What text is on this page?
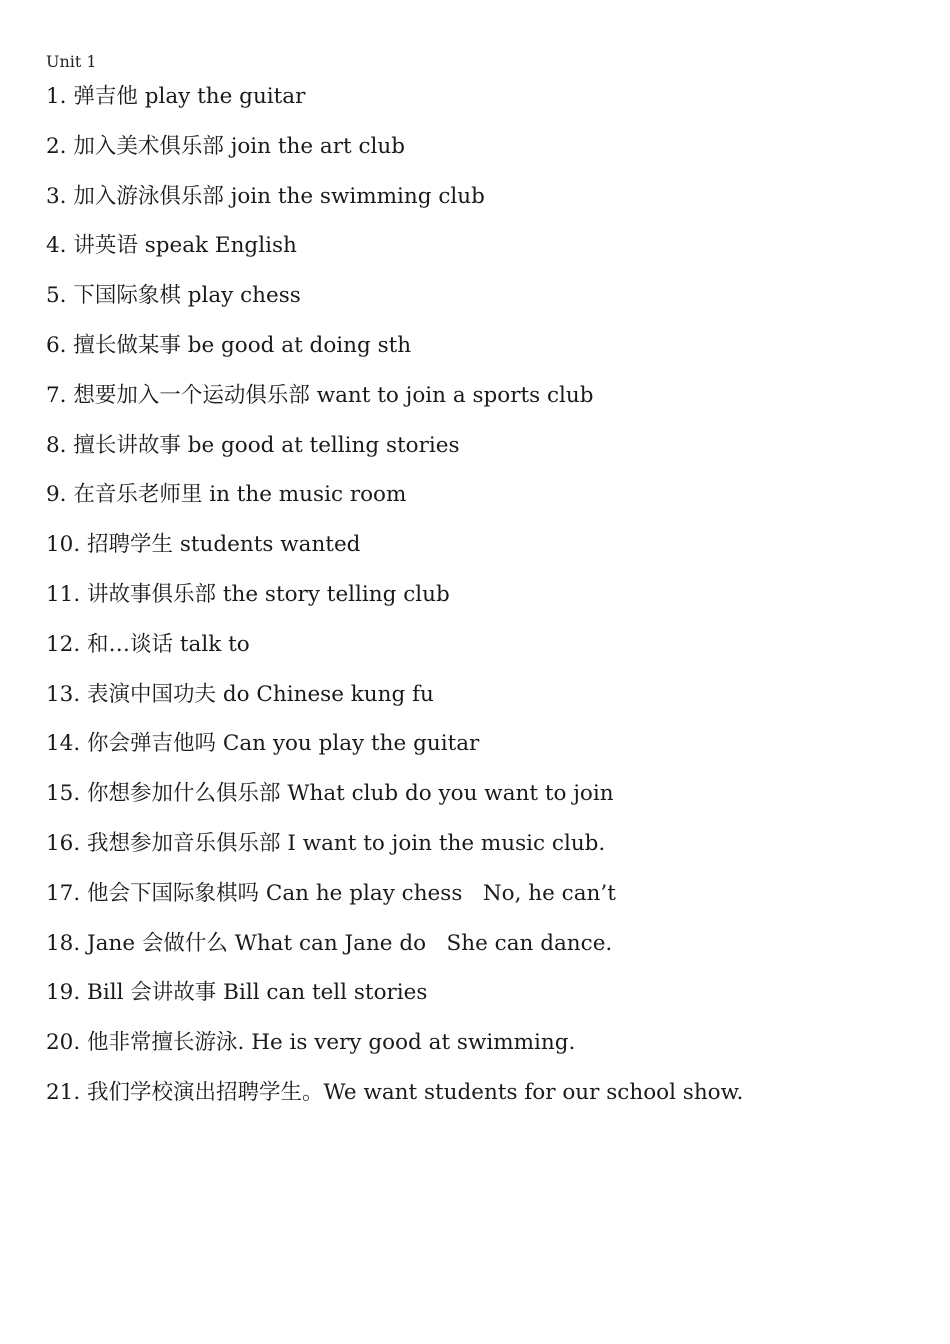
Unit 1
1. 弹吉他 play the guitar
2. 加入美术俱乐部 join the art club
3. 加入游泳俱乐部 join the swimming club
4. 讲英语 speak English
5. 下国际象棋 play chess
6. 擅长做某事 be good at doing sth
7. 想要加入一个运动俱乐部 want to join a sports club
8. 擅长讲故事 be good at telling stories
9. 在音乐老师里 in the music room
10. 招聘学生 students wanted
11. 讲故事俱乐部 the story telling club
12. 和…谈话 talk to
13. 表演中国功夫 do Chinese kung fu
14. 你会弹吉他吗 Can you play the guitar
15. 你想参加什么俱乐部 What club do you want to join
16. 我想参加音乐俱乐部 I want to join the music club.
17. 他会下国际象棋吗 Can he play chess   No, he can’t
18. Jane 会做什么 What can Jane do   She can dance.
19. Bill 会讲故事 Bill can tell stories
20. 他非常擅长游泳. He is very good at swimming.
21. 我们学校演出招聘学生。We want students for our school show.
